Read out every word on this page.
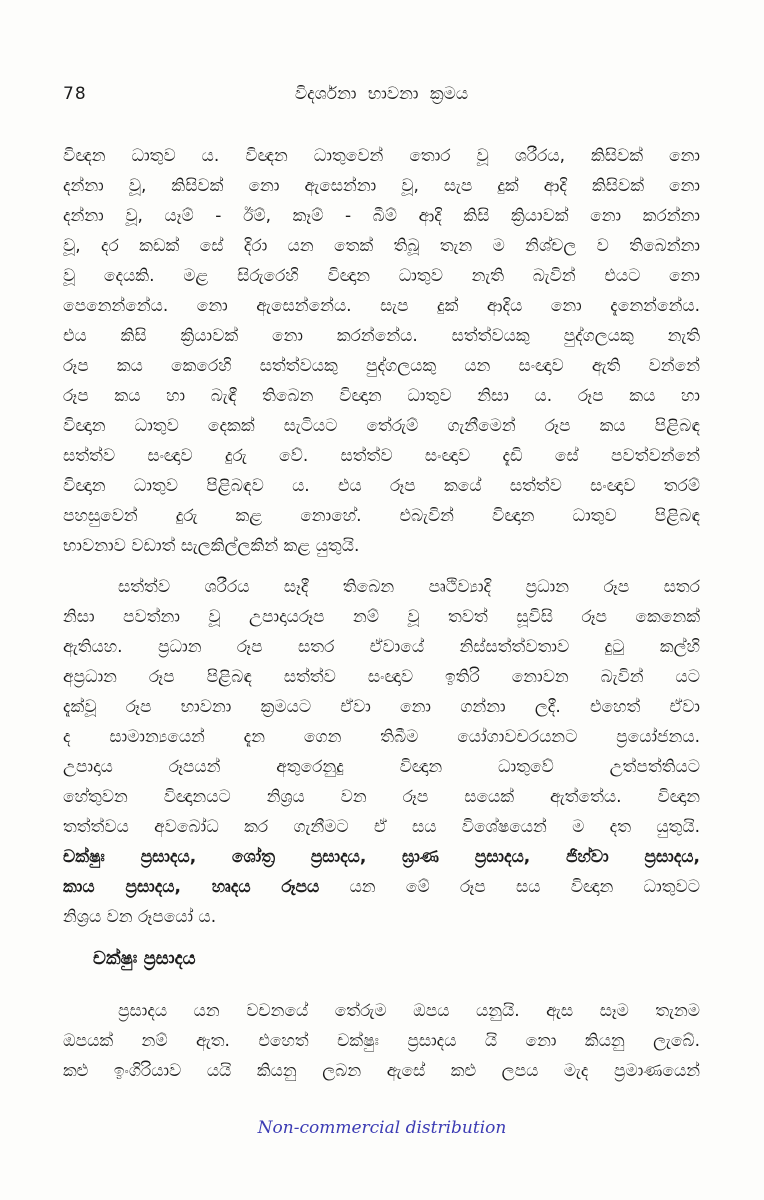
78	විදර්ශනා භාවනා ක්‍රමය
විඥන ධාතුව ය. විඥන ධාතුවෙන් තොර වූ ශරීරය, කිසිවක් නො
දන්නා වූ, කිසිවක් නො ඇසෙන්නා වූ, සැප දුක් ආදි කිසිවක් නො
දන්නා වූ, යෑම් - ඊම්, කෑම් - බීම් ආදි කිසි ක්‍රියාවක් නො කරන්නා
වූ, දර කඩක් සේ දිරා යන තෙක් තිබූ තැන ම නිශ්චල ව තිබෙන්නා
වූ දෙයකි. මළ සිරුරෙහි විඥාන ධාතුව නැති බැවින් එයට නො
පෙනෙන්නේය. නො ඇසෙන්නේය. සැප දුක් ආදිය නො දැනෙන්නේය.
එය කිසි ක්‍රියාවක් නො කරන්නේය. සත්ත්වයකු පුද්ගලයකු නැති
රූප කය කෙරෙහි සත්ත්වයකු පුද්ගලයකු යන සංඥාව ඇති වන්නේ
රූප කය හා බැඳී තිබෙන විඥාන ධාතුව නිසා ය. රූප කය හා
විඥාන ධාතුව දෙකක් සැටියට තේරුම් ගැනීමෙන් රූප කය පිළිබඳ
සත්ත්ව සංඥාව දුරු වේ. සත්ත්ව සංඥාව දැඩි සේ පවත්වන්නේ
විඥාන ධාතුව පිළිබඳව ය. එය රූප කයේ සත්ත්ව සංඥාව තරම්
පහසුවෙන් දුරු කළ නොහේ. එබැවින් විඥාන ධාතුව පිළිබඳ
භාවනාව වඩාත් සැලකිල්ලකින් කළ යුතුයි.
සත්ත්ව ශරීරය සෑදී තිබෙන පෘථිව්‍යාදි ප්‍රධාන රූප සතර
නිසා පවත්නා වූ උපාදායරූප නම් වූ තවත් සූවිසි රූප කෙනෙක්
ඇතියහ. ප්‍රධාන රූප සතර ඒවායේ නිස්සත්ත්වතාව දුටු කල්හි
අප්‍රධාන රූප පිළිබඳ සත්ත්ව සංඥාව ඉතිරි නොවන බැවින් යට
දැක්වූ රූප භාවනා ක්‍රමයට ඒවා නො ගන්නා ලදී. එහෙත් ඒවා
ද සාමාන්‍යයෙන් දැන ගෙන තිබීම යෝගාවචරයනට ප්‍රයෝජනය.
උපාදාය රූපයන් අතුරෙනුදු විඥාන ධාතුවේ උත්පත්තියට
හේතුවන විඥානයට නිශ්‍රය වන රූප සයෙක් ඇත්තේය. විඥාන
තත්ත්වය අවබෝධ කර ගැනීමට ඒ සය විශේෂයෙන් ම දත යුතුයි.
චක්ෂුඃ ප්‍රසාදය, ශෝත්‍ර ප්‍රසාදය, ඝ්‍රාණ ප්‍රසාදය, ජිහ්වා ප්‍රසාදය,
කාය ප්‍රසාදය, හෘදය රූපය යන මේ රූප සය විඥාන ධාතුවට
නිශ්‍රය වන රූපයෝ ය.
චක්ෂුඃ ප්‍රසාදය
ප්‍රසාදය යන වචනයේ තේරුම ඔපය යනුයි. ඇස සෑම තැනම
ඔපයක් නම් ඇත. එහෙත් චක්ෂුඃ ප්‍රසාදය යි නො කියනු ලැබේ.
කළු ඉංගිරියාව යයි කියනු ලබන ඇසේ කළු ලපය මැද ප්‍රමාණයෙන්
Non-commercial distribution
